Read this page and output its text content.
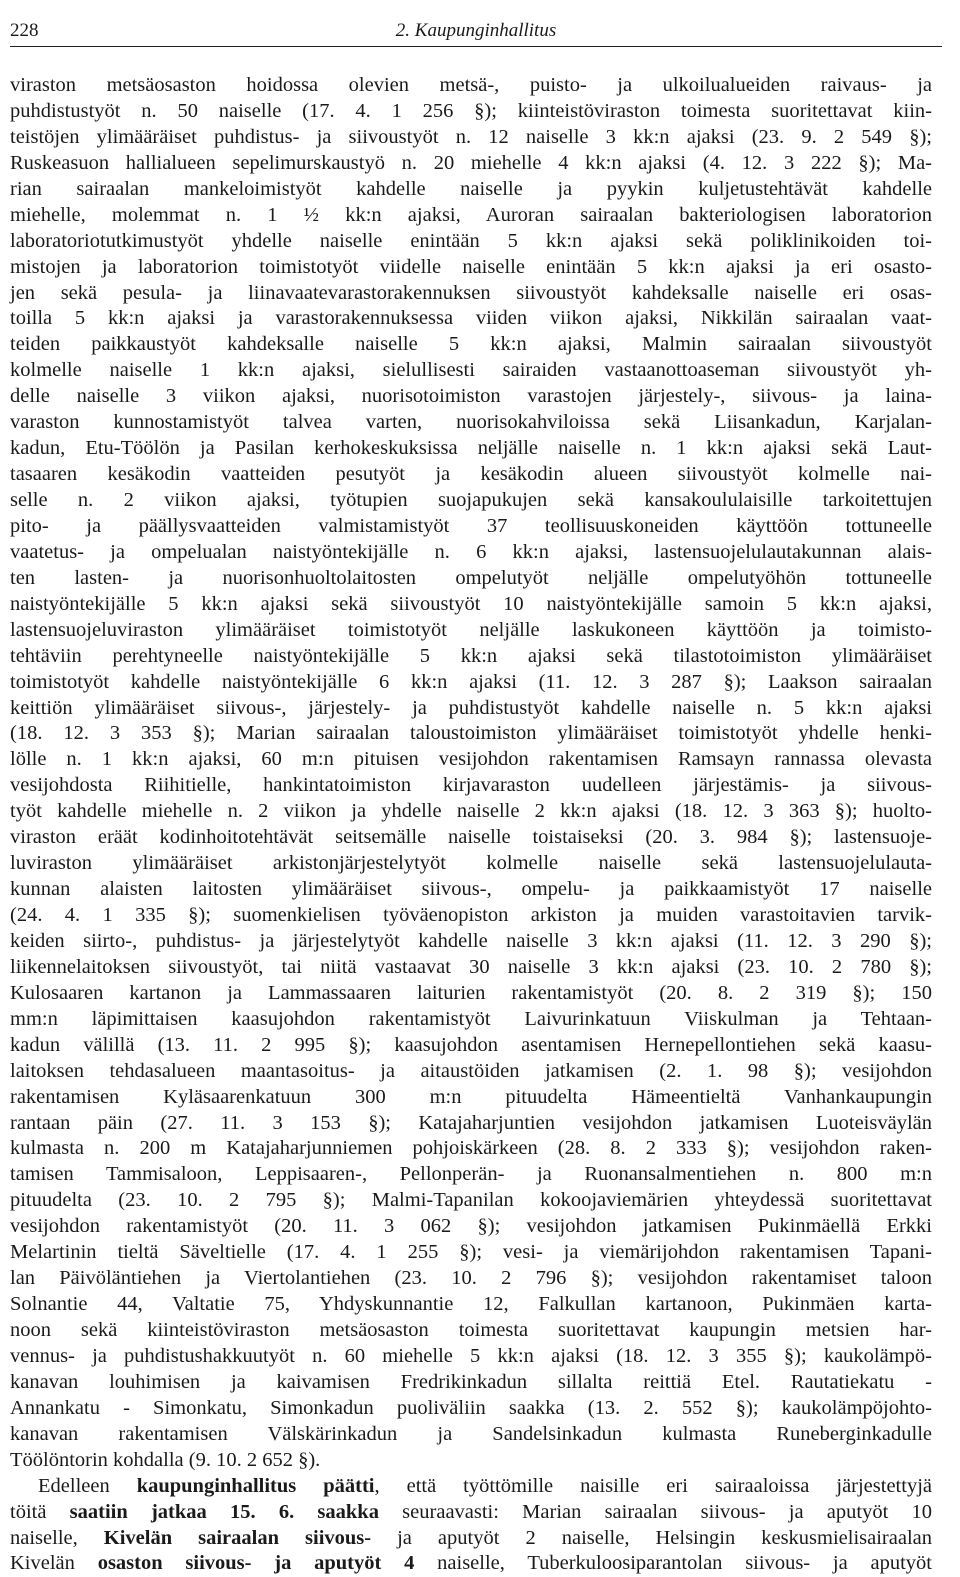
228	2. Kaupunginhallitus
viraston metsäosaston hoidossa olevien metsä-, puisto- ja ulkoilualueiden raivaus- ja
puhdistustyöt n. 50 naiselle (17. 4. 1 256 §); kiinteistöviraston toimesta suoritettavat kiin-
teistöjen ylimääräiset puhdistus- ja siivoustyöt n. 12 naiselle 3 kk:n ajaksi (23. 9. 2 549 §);
Ruskeasuon hallialueen sepelimurskaustyö n. 20 miehelle 4 kk:n ajaksi (4. 12. 3 222 §); Ma-
rian sairaalan mankeloimistyöt kahdelle naiselle ja pyykin kuljetustehtävät kahdelle
miehelle, molemmat n. 1 ½ kk:n ajaksi, Auroran sairaalan bakteriologisen laboratorion
laboratoriotutkimustyöt yhdelle naiselle enintään 5 kk:n ajaksi sekä poliklinikoiden toi-
mistojen ja laboratorion toimistotyöt viidelle naiselle enintään 5 kk:n ajaksi ja eri osasto-
jen sekä pesula- ja liinavaatevarastorakennuksen siivoustyöt kahdeksalle naiselle eri osas-
toilla 5 kk:n ajaksi ja varastorakennuksessa viiden viikon ajaksi, Nikkilän sairaalan vaat-
teiden paikkaustyöt kahdeksalle naiselle 5 kk:n ajaksi, Malmin sairaalan siivoustyöt
kolmelle naiselle 1 kk:n ajaksi, sielullisesti sairaiden vastaanottoaseman siivoustyöt yh-
delle naiselle 3 viikon ajaksi, nuorisotoimiston varastojen järjestely-, siivous- ja laina-
varaston kunnostamistyöt talvea varten, nuorisokahviloissa sekä Liisankadun, Karjalan-
kadun, Etu-Töölön ja Pasilan kerhokeskuksissa neljälle naiselle n. 1 kk:n ajaksi sekä Laut-
tasaaren kesäkodin vaatteiden pesutyöt ja kesäkodin alueen siivoustyöt kolmelle nai-
selle n. 2 viikon ajaksi, työtupien suojapukujen sekä kansakoululaisille tarkoitettujen
pito- ja päällysvaatteiden valmistamistyöt 37 teollisuuskoneiden käyttöön tottuneelle
vaatetus- ja ompelualan naistyöntekijälle n. 6 kk:n ajaksi, lastensuojelulautakunnan alais-
ten lasten- ja nuorisonhuoltolaitosten ompelutyöt neljälle ompelutyöhön tottuneelle
naistyöntekijälle 5 kk:n ajaksi sekä siivoustyöt 10 naistyöntekijälle samoin 5 kk:n ajaksi,
lastensuojeluviraston ylimääräiset toimistotyöt neljälle laskukoneen käyttöön ja toimisto-
tehtäviin perehtyneelle naistyöntekijälle 5 kk:n ajaksi sekä tilastotoimiston ylimääräiset
toimistotyöt kahdelle naistyöntekijälle 6 kk:n ajaksi (11. 12. 3 287 §); Laakson sairaalan
keittiön ylimääräiset siivous-, järjestely- ja puhdistustyöt kahdelle naiselle n. 5 kk:n ajaksi
(18. 12. 3 353 §); Marian sairaalan taloustoimiston ylimääräiset toimistotyöt yhdelle henki-
lölle n. 1 kk:n ajaksi, 60 m:n pituisen vesijohdon rakentamisen Ramsayn rannassa olevasta
vesijohdosta Riihitielle, hankintatoimiston kirjavaraston uudelleen järjestämis- ja siivous-
työt kahdelle miehelle n. 2 viikon ja yhdelle naiselle 2 kk:n ajaksi (18. 12. 3 363 §); huolto-
viraston eräät kodinhoitotehtävät seitsemälle naiselle toistaiseksi (20. 3. 984 §); lastensuoje-
luviraston ylimääräiset arkistonjärjestelytyöt kolmelle naiselle sekä lastensuojelulauta-
kunnan alaisten laitosten ylimääräiset siivous-, ompelu- ja paikkaamistyöt 17 naiselle
(24. 4. 1 335 §); suomenkielisen työväenopiston arkiston ja muiden varastoitavien tarvik-
keiden siirto-, puhdistus- ja järjestelytyöt kahdelle naiselle 3 kk:n ajaksi (11. 12. 3 290 §);
liikennelaitoksen siivoustyöt, tai niitä vastaavat 30 naiselle 3 kk:n ajaksi (23. 10. 2 780 §);
Kulosaaren kartanon ja Lammassaaren laiturien rakentamistyöt (20. 8. 2 319 §); 150
mm:n läpimittaisen kaasujohdon rakentamistyöt Laivurinkatuun Viiskulman ja Tehtaan-
kadun välillä (13. 11. 2 995 §); kaasujohdon asentamisen Hernepellontiehen sekä kaasu-
laitoksen tehdasalueen maantasoitus- ja aitaustöiden jatkamisen (2. 1. 98 §); vesijohdon
rakentamisen Kyläsaarenkatuun 300 m:n pituudelta Hämeentieltä Vanhankaupungin
rantaan päin (27. 11. 3 153 §); Katajaharjuntien vesijohdon jatkamisen Luoteisväylän
kulmasta n. 200 m Katajaharjunniemen pohjoiskärkeen (28. 8. 2 333 §); vesijohdon raken-
tamisen Tammisaloon, Leppisaaren-, Pellonperän- ja Ruonansalmentiehen n. 800 m:n
pituudelta (23. 10. 2 795 §); Malmi-Tapanilan kokoojaviemärien yhteydessä suoritettavat
vesijohdon rakentamistyöt (20. 11. 3 062 §); vesijohdon jatkamisen Pukinmäellä Erkki
Melartinin tieltä Säveltielle (17. 4. 1 255 §); vesi- ja viemärijohdon rakentamisen Tapani-
lan Päivöläntiehen ja Viertolantiehen (23. 10. 2 796 §); vesijohdon rakentamiset taloon
Solnantie 44, Valtatie 75, Yhdyskunnantie 12, Falkullan kartanoon, Pukinmäen karta-
noon sekä kiinteistöviraston metsäosaston toimesta suoritettavat kaupungin metsien har-
vennus- ja puhdistushakkuutyöt n. 60 miehelle 5 kk:n ajaksi (18. 12. 3 355 §); kaukolämpö-
kanavan louhimisen ja kaivamisen Fredrikinkadun sillalta reittiä Etel. Rautatiekatu -
Annankatu - Simonkatu, Simonkadun puoliväliin saakka (13. 2. 552 §); kaukolämpöjohto-
kanavan rakentamisen Välskärinkadun ja Sandelsinkadun kulmasta Runeberginkadulle
Töölöntorin kohdalla (9. 10. 2 652 §).
Edelleen kaupunginhallitus päätti, että työttömille naisille eri sairaaloissa järjestettyjä
töitä saatiin jatkaa 15. 6. saakka seuraavasti: Marian sairaalan siivous- ja aputyöt 10
naiselle, Kivelän sairaalan siivous- ja aputyöt 2 naiselle, Helsingin keskusmielisairaalan
Kivelän osaston siivous- ja aputyöt 4 naiselle, Tuberkuloosiparantolan siivous- ja aputyöt
